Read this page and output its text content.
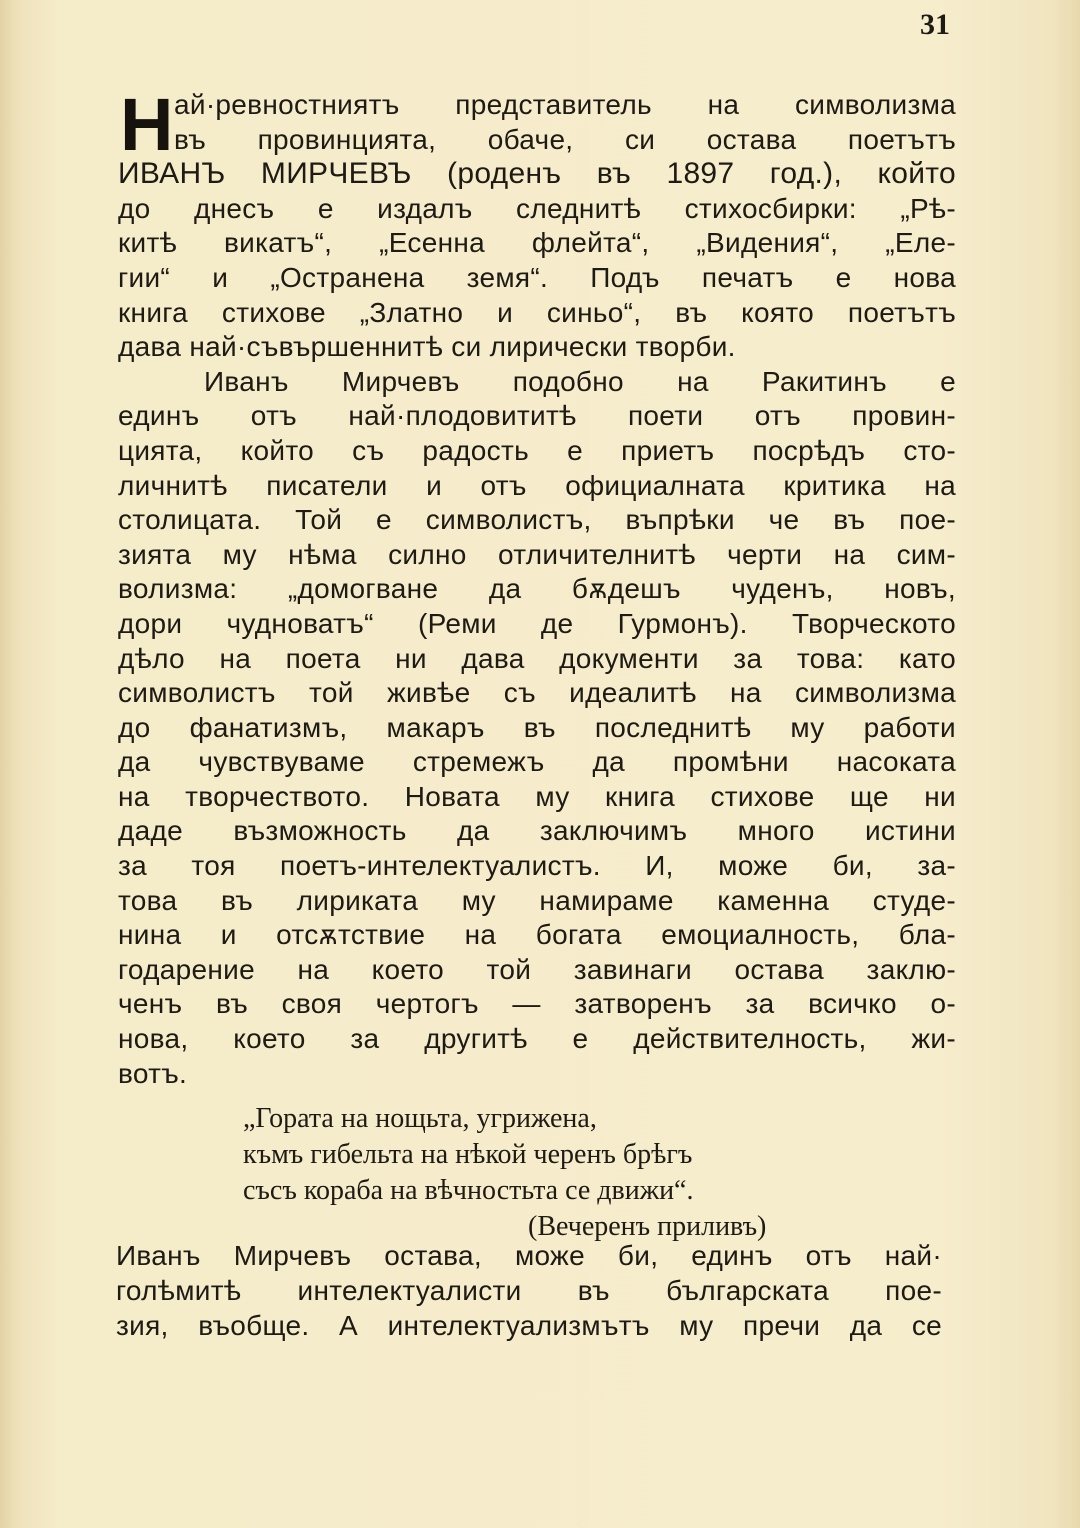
31
Н ай·ревностниятъ представитель на символизма
въ провинцията, обаче, си остава поетътъ
ИВАНЪ МИРЧЕВЪ (роденъ въ 1897 год.), който
до днесъ е издалъ следнитѣ стихосбирки: „Рѣ-
китѣ викатъ“, „Есенна флейта“, „Видения“, „Еле-
гии“ и „Остранена земя“. Подъ печатъ е нова
книга стихове „Златно и синьо“, въ която поетътъ
дава най·съвършеннитѣ си лирически творби.
Иванъ Мирчевъ подобно на Ракитинъ е
единъ отъ най·плодовититѣ поети отъ провин-
цията, който съ радость е приетъ посрѣдъ сто-
личнитѣ писатели и отъ официалната критика на
столицата. Той е символистъ, въпрѣки че въ поe-
зията му нѣма силно отличителнитѣ черти на сим-
волизма: „домогване да бѫдешъ чуденъ, новъ,
дори чудноватъ“ (Реми де Гурмонъ). Творческото
дѣло на поета ни дава документи за това: като
символистъ той живѣе съ идеалитѣ на символизма
до фанатизмъ, макаръ въ последнитѣ му работи
да чувствуваме стремежъ да промѣни насоката
на творчеството. Новата му книга стихове ще ни
даде възможность да заключимъ много истини
за тоя поетъ-интелектуалистъ. И, може би, за-
това въ лириката му намираме каменна студе-
нина и отсѫтствие на богата емоциалность, бла-
годарение на което той завинаги остава заклю-
ченъ въ своя чертогъ — затворенъ за всичко о-
нова, което за другитѣ е действителность, жи-
вотъ.
„Гората на нощьта, угрижена,
къмъ гибельта на нѣкой черенъ брѣгъ
съсъ кораба на вѣчностьта се движи“.
(Вечеренъ приливъ)
Иванъ Мирчевъ остава, може би, единъ отъ най·
голѣмитѣ интелектуалисти въ българската поe-
зия, въобще. А интелектуализмътъ му пречи да се
